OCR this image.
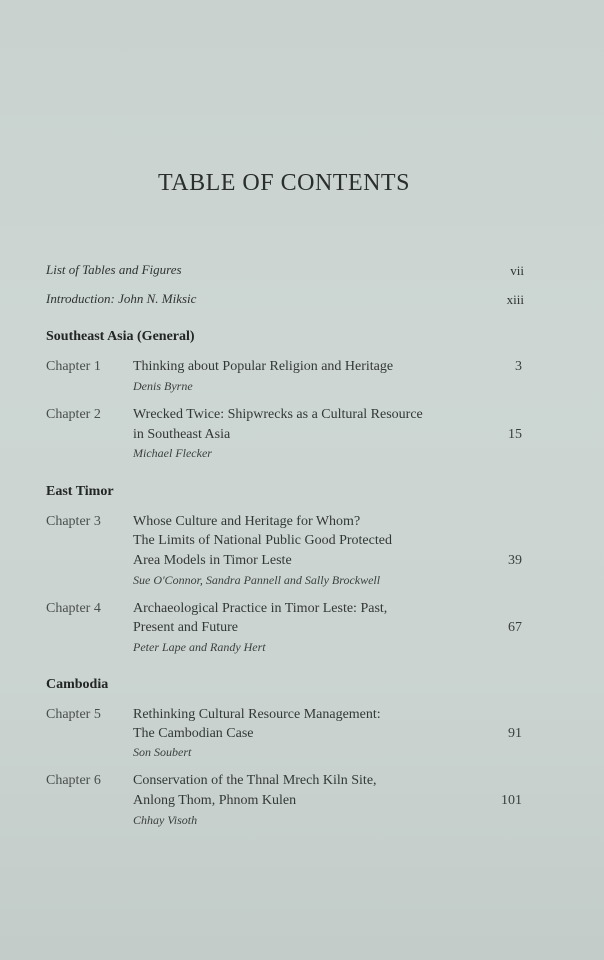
TABLE OF CONTENTS
List of Tables and Figures	vii
Introduction: John N. Miksic	xiii
Southeast Asia (General)
Chapter 1 Thinking about Popular Religion and Heritage
Denis Byrne
3
Chapter 2 Wrecked Twice: Shipwrecks as a Cultural Resource
in Southeast Asia
Michael Flecker
15
East Timor
Chapter 3 Whose Culture and Heritage for Whom?
The Limits of National Public Good Protected
Area Models in Timor Leste
Sue O'Connor, Sandra Pannell and Sally Brockwell
39
Chapter 4 Archaeological Practice in Timor Leste: Past,
Present and Future
Peter Lape and Randy Hert
67
Cambodia
Chapter 5 Rethinking Cultural Resource Management:
The Cambodian Case
Son Soubert
91
Chapter 6 Conservation of the Thnal Mrech Kiln Site,
Anlong Thom, Phnom Kulen
Chhay Visoth
101
